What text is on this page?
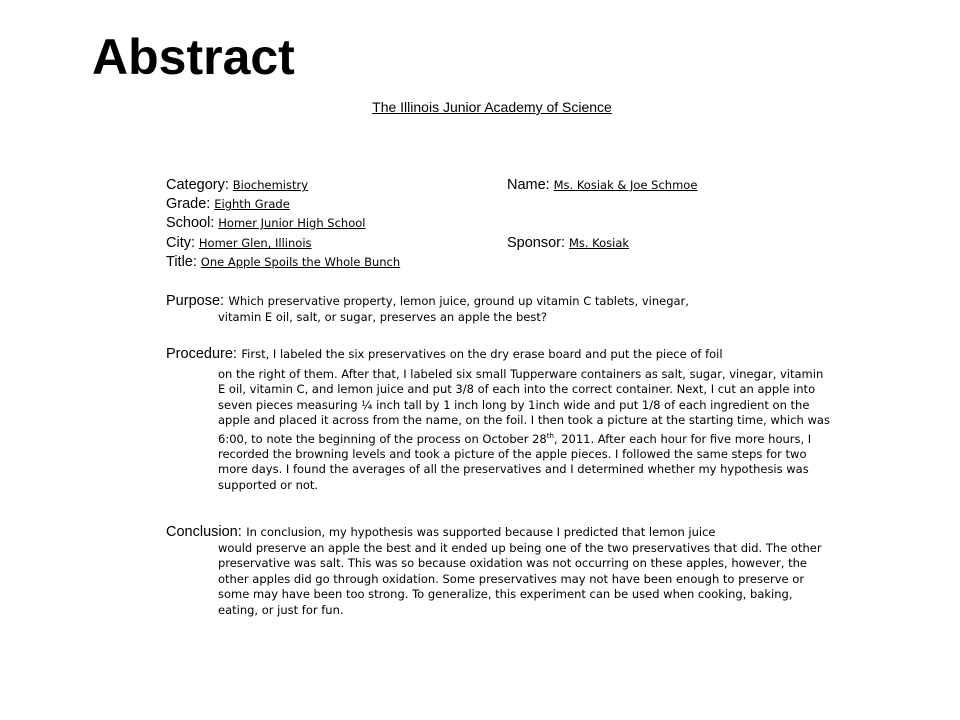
Abstract
The Illinois Junior Academy of Science
Category: Biochemistry	Name: Ms. Kosiak & Joe Schmoe
Grade: Eighth Grade
School: Homer Junior High School
City: Homer Glen, Illinois	Sponsor: Ms. Kosiak
Title: One Apple Spoils the Whole Bunch
Purpose: Which preservative property, lemon juice, ground up vitamin C tablets, vinegar,
vitamin E oil, salt, or sugar, preserves an apple the best?
Procedure: First, I labeled the six preservatives on the dry erase board and put the piece of foil
on the right of them. After that, I labeled six small Tupperware containers as salt, sugar, vinegar, vitamin E oil, vitamin C, and lemon juice and put 3/8 of each into the correct container. Next, I cut an apple into seven pieces measuring ¼ inch tall by 1 inch long by 1inch wide and put 1/8 of each ingredient on the apple and placed it across from the name, on the foil. I then took a picture at the starting time, which was 6:00, to note the beginning of the process on October 28th, 2011. After each hour for five more hours, I recorded the browning levels and took a picture of the apple pieces. I followed the same steps for two more days. I found the averages of all the preservatives and I determined whether my hypothesis was supported or not.
Conclusion: In conclusion, my hypothesis was supported because I predicted that lemon juice
would preserve an apple the best and it ended up being one of the two preservatives that did. The other preservative was salt. This was so because oxidation was not occurring on these apples, however, the other apples did go through oxidation. Some preservatives may not have been enough to preserve or some may have been too strong. To generalize, this experiment can be used when cooking, baking, eating, or just for fun.
